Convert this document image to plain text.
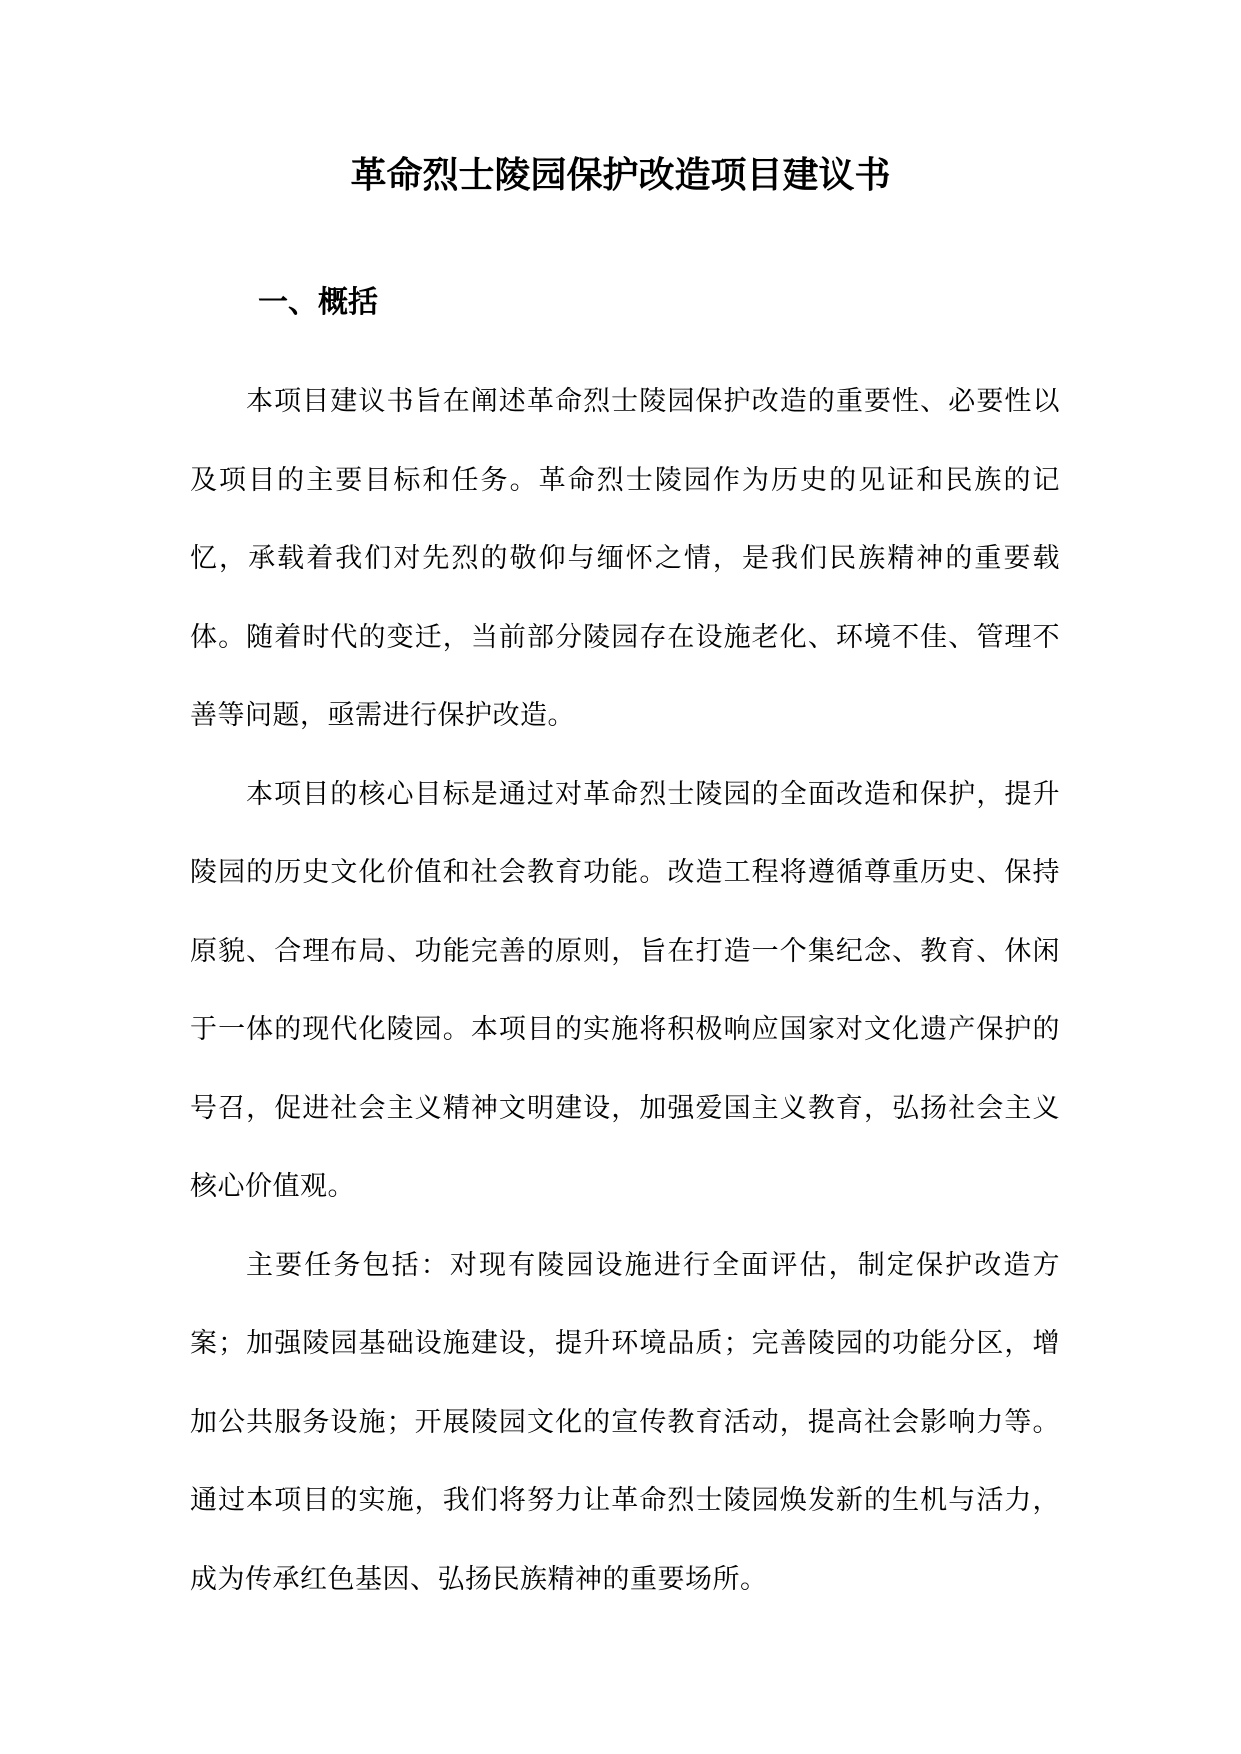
革命烈士陵园保护改造项目建议书
一、概括

本项目建议书旨在阐述革命烈士陵园保护改造的重要性、必要性以及项目的主要目标和任务。革命烈士陵园作为历史的见证和民族的记忆，承载着我们对先烈的敬仰与缅怀之情，是我们民族精神的重要载体。随着时代的变迁，当前部分陵园存在设施老化、环境不佳、管理不善等问题，亟需进行保护改造。

本项目的核心目标是通过对革命烈士陵园的全面改造和保护，提升陵园的历史文化价值和社会教育功能。改造工程将遵循尊重历史、保持原貌、合理布局、功能完善的原则，旨在打造一个集纪念、教育、休闲于一体的现代化陵园。本项目的实施将积极响应国家对文化遗产保护的号召，促进社会主义精神文明建设，加强爱国主义教育，弘扬社会主义核心价值观。

主要任务包括：对现有陵园设施进行全面评估，制定保护改造方案；加强陵园基础设施建设，提升环境品质；完善陵园的功能分区，增加公共服务设施；开展陵园文化的宣传教育活动，提高社会影响力等。通过本项目的实施，我们将努力让革命烈士陵园焕发新的生机与活力，成为传承红色基因、弘扬民族精神的重要场所。
